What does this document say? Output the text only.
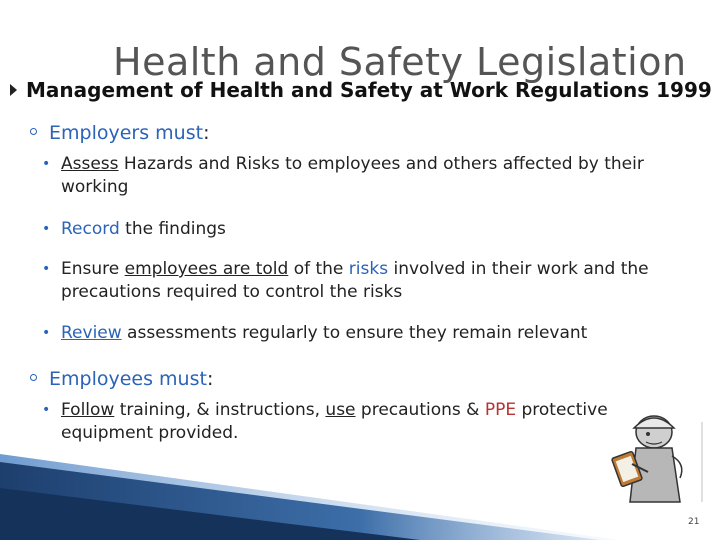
Health and Safety Legislation
Management of Health and Safety at Work Regulations 1999
Employers must:
• Assess Hazards and Risks to employees and others affected by their working
• Record the findings
• Ensure employees are told of the risks involved in their work and the precautions required to control the risks
• Review assessments regularly to ensure they remain relevant
Employees must:
• Follow training, & instructions, use precautions & PPE protective equipment provided.
21
